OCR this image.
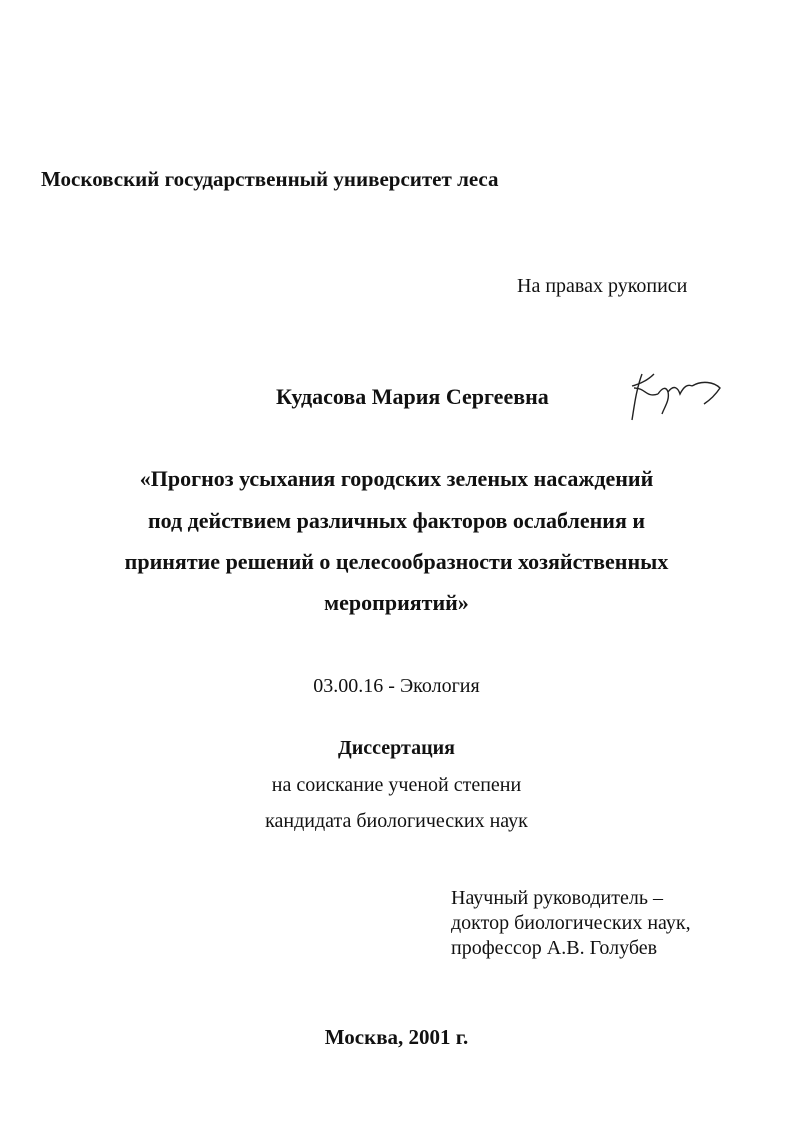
Московский государственный университет леса
На правах рукописи
Кудасова Мария Сергеевна
«Прогноз усыхания городских зеленых насаждений
под действием различных факторов ослабления и
принятие решений о целесообразности хозяйственных
мероприятий»
03.00.16 - Экология
Диссертация
на соискание ученой степени
кандидата биологических наук
Научный руководитель –
доктор биологических наук,
профессор А.В. Голубев
Москва, 2001 г.
